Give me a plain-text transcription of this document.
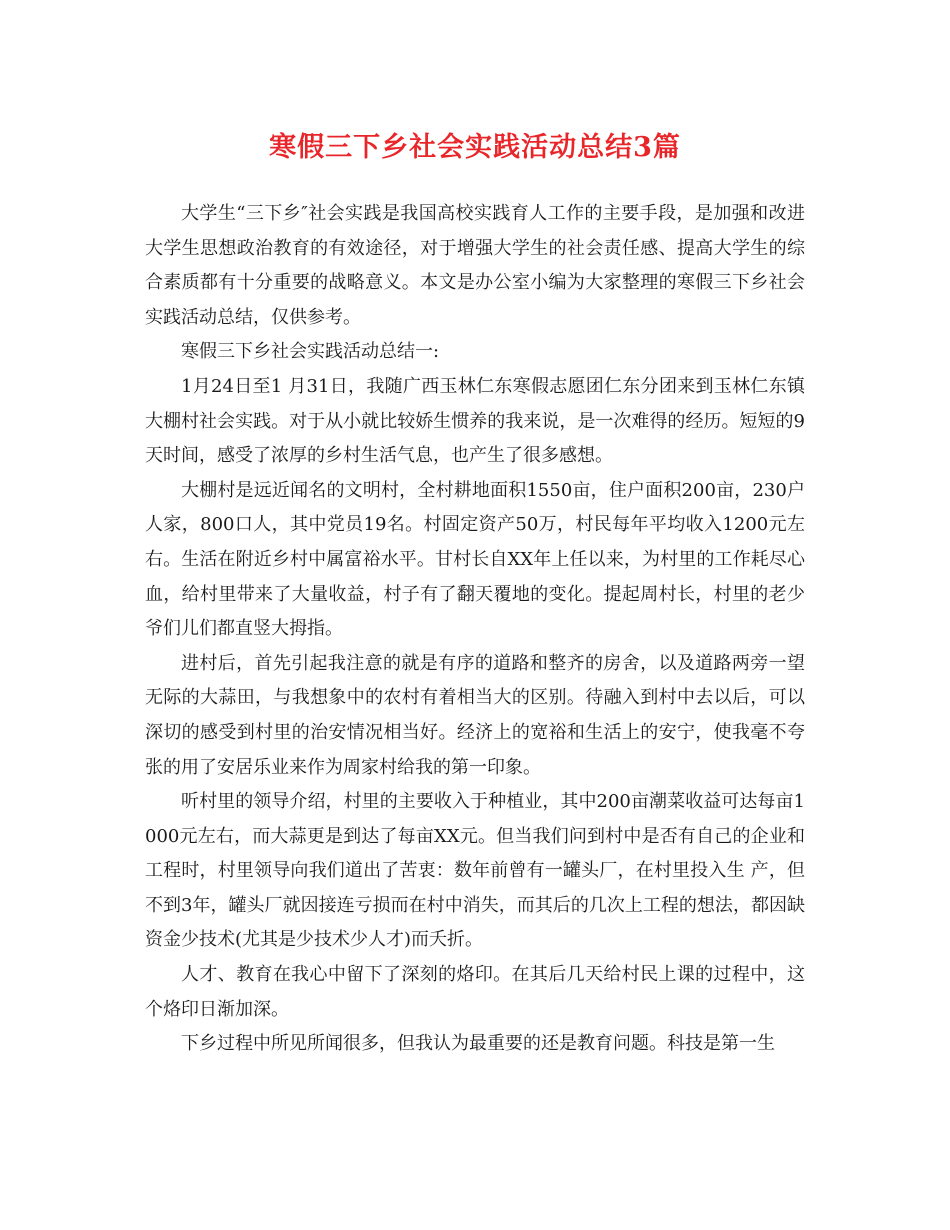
寒假三下乡社会实践活动总结3篇

大学生“三下乡″社会实践是我国高校实践育人工作的主要手段，是加强和改进大学生思想政治教育的有效途径，对于增强大学生的社会责任感、提高大学生的综合素质都有十分重要的战略意义。本文是办公室小编为大家整理的寒假三下乡社会实践活动总结，仅供参考。

寒假三下乡社会实践活动总结一:

1月24日至1 月31日，我随广西玉林仁东寒假志愿团仁东分团来到玉林仁东镇大棚村社会实践。对于从小就比较娇生惯养的我来说，是一次难得的经历。短短的9天时间，感受了浓厚的乡村生活气息，也产生了很多感想。

大棚村是远近闻名的文明村，全村耕地面积1550亩，住户面积200亩，230户人家，800口人，其中党员19名。村固定资产50万，村民每年平均收入1200元左右。生活在附近乡村中属富裕水平。甘村长自XX年上任以来，为村里的工作耗尽心血，给村里带来了大量收益，村子有了翻天覆地的变化。提起周村长，村里的老少爷们儿们都直竖大拇指。

进村后，首先引起我注意的就是有序的道路和整齐的房舍，以及道路两旁一望无际的大蒜田，与我想象中的农村有着相当大的区别。待融入到村中去以后，可以深切的感受到村里的治安情况相当好。经济上的宽裕和生活上的安宁，使我毫不夸张的用了安居乐业来作为周家村给我的第一印象。

听村里的领导介绍，村里的主要收入于种植业，其中200亩潮菜收益可达每亩1000元左右，而大蒜更是到达了每亩XX元。但当我们问到村中是否有自己的企业和工程时，村里领导向我们道出了苦衷：数年前曾有一罐头厂，在村里投入生 产，但不到3年，罐头厂就因接连亏损而在村中消失，而其后的几次上工程的想法，都因缺资金少技术(尤其是少技术少人才)而夭折。

人才、教育在我心中留下了深刻的烙印。在其后几天给村民上课的过程中，这个烙印日渐加深。

下乡过程中所见所闻很多，但我认为最重要的还是教育问题。科技是第一生
